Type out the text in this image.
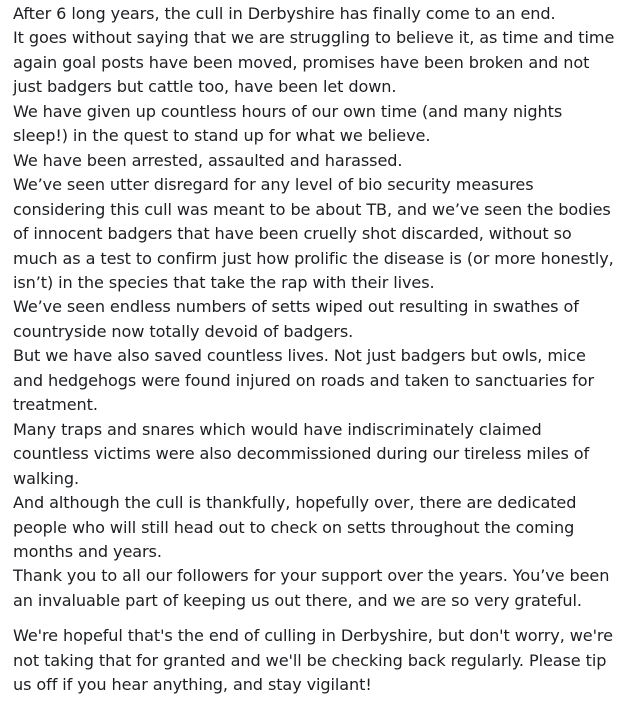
After 6 long years, the cull in Derbyshire has finally come to an end.

It goes without saying that we are struggling to believe it, as time and time again goal posts have been moved, promises have been broken and not just badgers but cattle too, have been let down.

We have given up countless hours of our own time (and many nights sleep!) in the quest to stand up for what we believe.

We have been arrested, assaulted and harassed.

We’ve seen utter disregard for any level of bio security measures considering this cull was meant to be about TB, and we’ve seen the bodies of innocent badgers that have been cruelly shot discarded, without so much as a test to confirm just how prolific the disease is (or more honestly, isn’t) in the species that take the rap with their lives.

We’ve seen endless numbers of setts wiped out resulting in swathes of countryside now totally devoid of badgers.

But we have also saved countless lives. Not just badgers but owls, mice and hedgehogs were found injured on roads and taken to sanctuaries for treatment.

Many traps and snares which would have indiscriminately claimed countless victims were also decommissioned during our tireless miles of walking.

And although the cull is thankfully, hopefully over, there are dedicated people who will still head out to check on setts throughout the coming months and years.

Thank you to all our followers for your support over the years. You’ve been an invaluable part of keeping us out there, and we are so very grateful.

We're hopeful that's the end of culling in Derbyshire, but don't worry, we're not taking that for granted and we'll be checking back regularly. Please tip us off if you hear anything, and stay vigilant!
